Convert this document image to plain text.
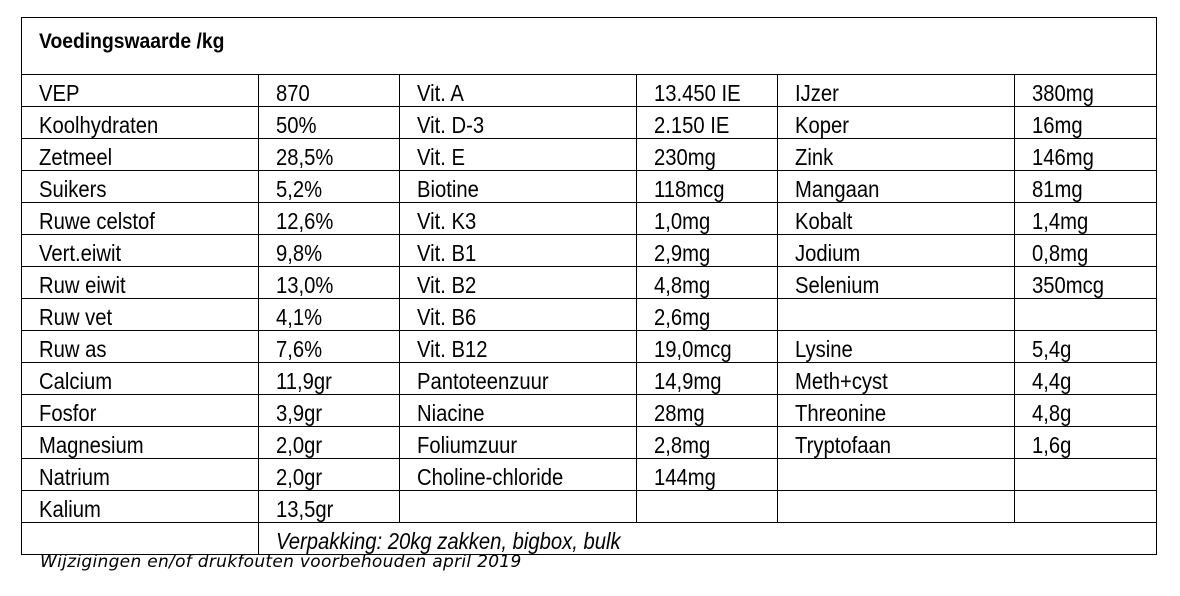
Voedingswaarde /kg					
VEP	870	Vit. A	13.450 IE	IJzer	380mg
Koolhydraten	50%	Vit. D-3	2.150 IE	Koper	16mg
Zetmeel	28,5%	Vit. E	230mg	Zink	146mg
Suikers	5,2%	Biotine	118mcg	Mangaan	81mg
Ruwe celstof	12,6%	Vit. K3	1,0mg	Kobalt	1,4mg
Vert.eiwit	9,8%	Vit. B1	2,9mg	Jodium	0,8mg
Ruw eiwit	13,0%	Vit. B2	4,8mg	Selenium	350mcg
Ruw vet	4,1%	Vit. B6	2,6mg		
Ruw as	7,6%	Vit. B12	19,0mcg	Lysine	5,4g
Calcium	11,9gr	Pantoteenzuur	14,9mg	Meth+cyst	4,4g
Fosfor	3,9gr	Niacine	28mg	Threonine	4,8g
Magnesium	2,0gr	Foliumzuur	2,8mg	Tryptofaan	1,6g
Natrium	2,0gr	Choline-chloride	144mg		
Kalium	13,5gr				
	Verpakking: 20kg zakken, bigbox, bulk				
Wijzigingen en/of drukfouten voorbehouden april 2019
